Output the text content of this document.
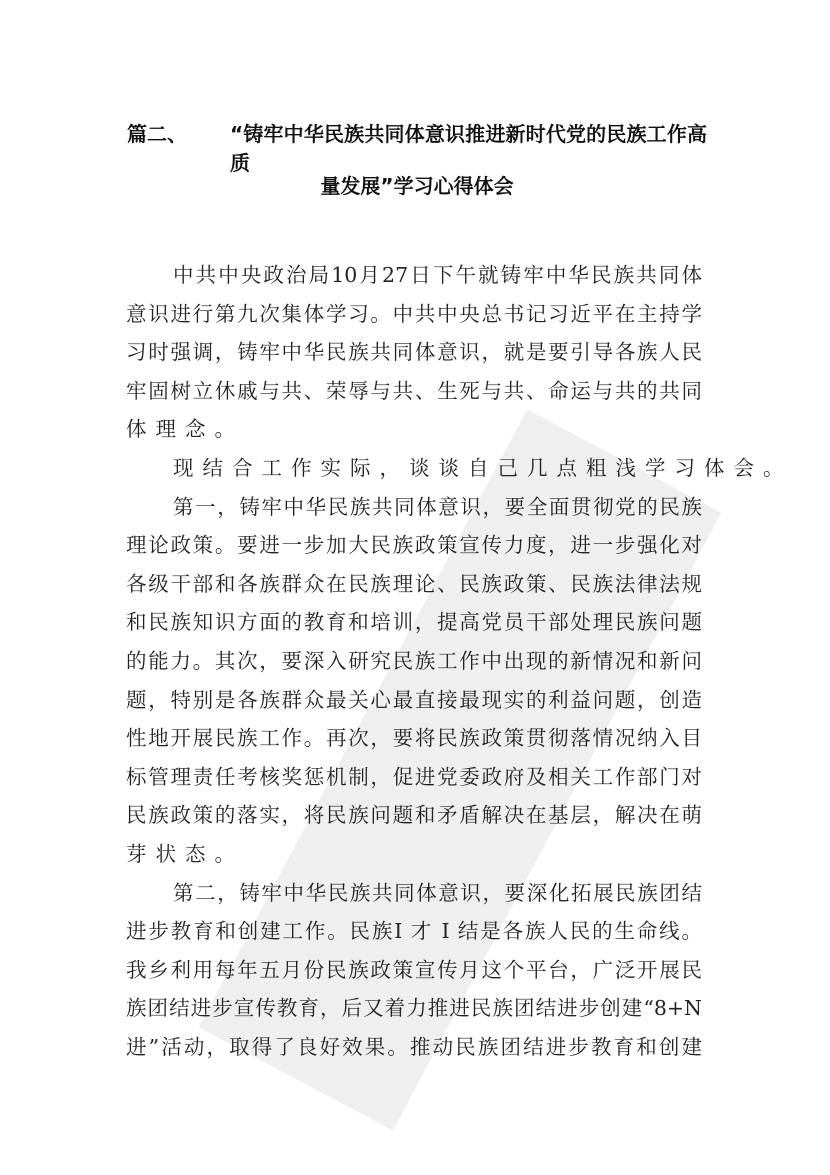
篇二、	“铸牢中华民族共同体意识推进新时代党的民族工作高质
量发展”学习心得体会
中共中央政治局10月27日下午就铸牢中华民族共同体
意识进行第九次集体学习。中共中央总书记习近平在主持学
习时强调，铸牢中华民族共同体意识，就是要引导各族人民
牢固树立休戚与共、荣辱与共、生死与共、命运与共的共同
体理念。
现结合工作实际，谈谈自己几点粗浅学习体会。
第一，铸牢中华民族共同体意识，要全面贯彻党的民族
理论政策。要进一步加大民族政策宣传力度，进一步强化对
各级干部和各族群众在民族理论、民族政策、民族法律法规
和民族知识方面的教育和培训，提高党员干部处理民族问题
的能力。其次，要深入研究民族工作中出现的新情况和新问
题，特别是各族群众最关心最直接最现实的利益问题，创造
性地开展民族工作。再次，要将民族政策贯彻落情况纳入目
标管理责任考核奖惩机制，促进党委政府及相关工作部门对
民族政策的落实，将民族问题和矛盾解决在基层，解决在萌
芽状态。
第二，铸牢中华民族共同体意识，要深化拓展民族团结
进步教育和创建工作。民族I 才 I 结是各族人民的生命线。
我乡利用每年五月份民族政策宣传月这个平台，广泛开展民
族团结进步宣传教育，后又着力推进民族团结进步创建“8+N
进”活动，取得了良好效果。推动民族团结进步教育和创建
